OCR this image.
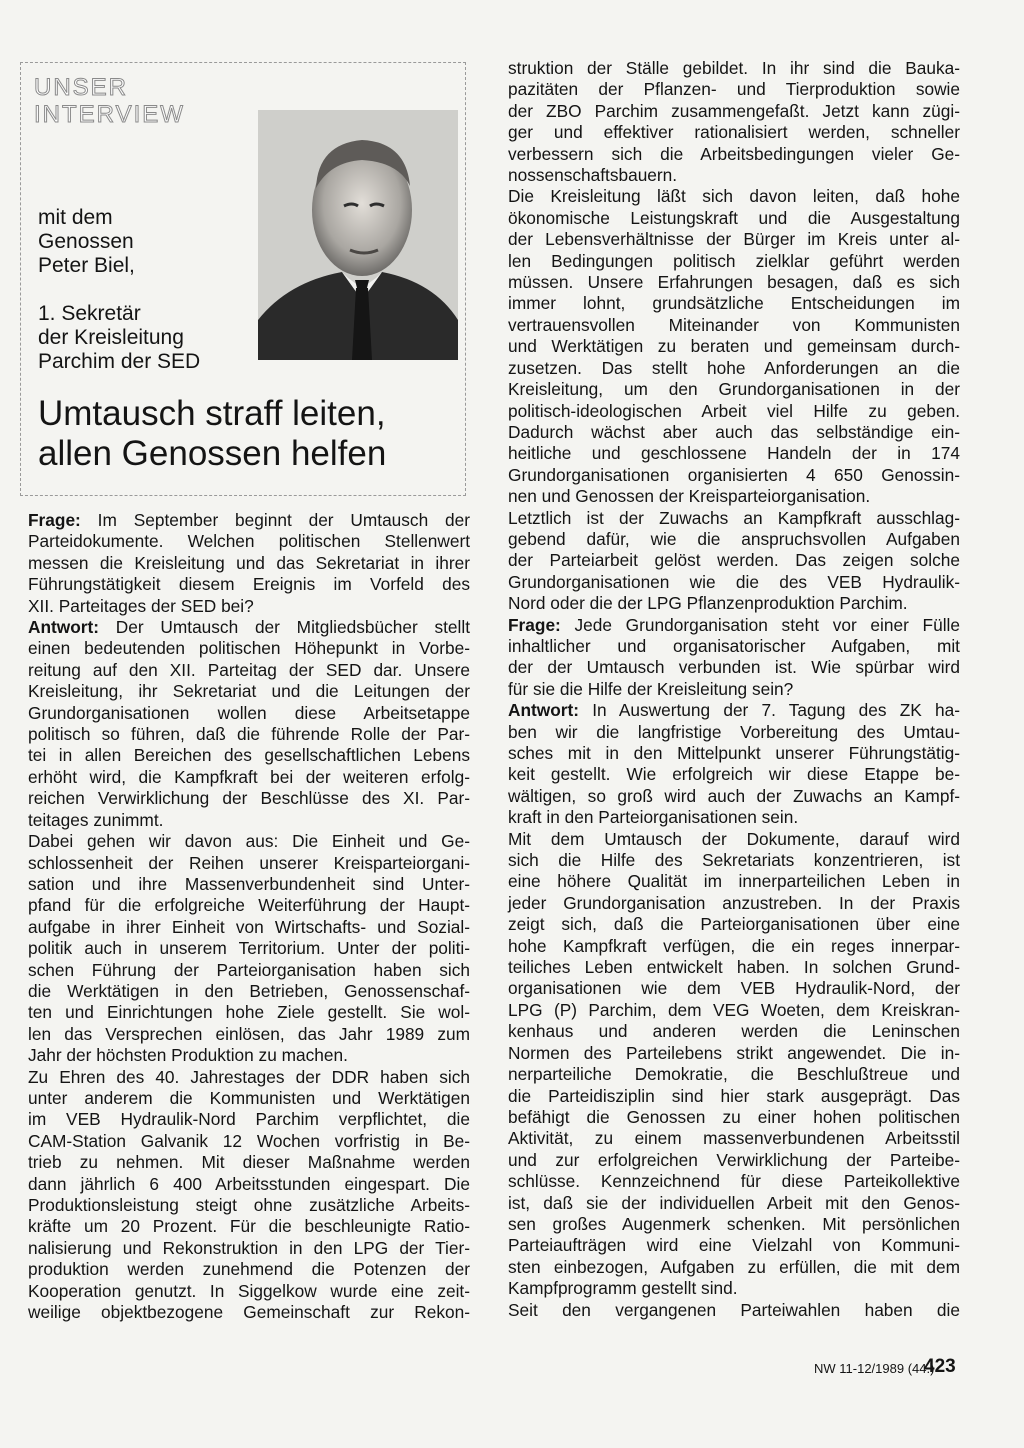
UNSER
INTERVIEW
mit dem
Genossen
Peter Biel,
1. Sekretär
der Kreisleitung
Parchim der SED
Umtausch straff leiten,
allen Genossen helfen
Frage: Im September beginnt der Umtausch der
Parteidokumente. Welchen politischen Stellenwert
messen die Kreisleitung und das Sekretariat in ihrer
Führungstätigkeit diesem Ereignis im Vorfeld des
XII. Parteitages der SED bei?
Antwort: Der Umtausch der Mitgliedsbücher stellt
einen bedeutenden politischen Höhepunkt in Vorbe-
reitung auf den XII. Parteitag der SED dar. Unsere
Kreisleitung, ihr Sekretariat und die Leitungen der
Grundorganisationen wollen diese Arbeitsetappe
politisch so führen, daß die führende Rolle der Par-
tei in allen Bereichen des gesellschaftlichen Lebens
erhöht wird, die Kampfkraft bei der weiteren erfolg-
reichen Verwirklichung der Beschlüsse des XI. Par-
teitages zunimmt.
Dabei gehen wir davon aus: Die Einheit und Ge-
schlossenheit der Reihen unserer Kreisparteiorgani-
sation und ihre Massenverbundenheit sind Unter-
pfand für die erfolgreiche Weiterführung der Haupt-
aufgabe in ihrer Einheit von Wirtschafts- und Sozial-
politik auch in unserem Territorium. Unter der politi-
schen Führung der Parteiorganisation haben sich
die Werktätigen in den Betrieben, Genossenschaf-
ten und Einrichtungen hohe Ziele gestellt. Sie wol-
len das Versprechen einlösen, das Jahr 1989 zum
Jahr der höchsten Produktion zu machen.
Zu Ehren des 40. Jahrestages der DDR haben sich
unter anderem die Kommunisten und Werktätigen
im VEB Hydraulik-Nord Parchim verpflichtet, die
CAM-Station Galvanik 12 Wochen vorfristig in Be-
trieb zu nehmen. Mit dieser Maßnahme werden
dann jährlich 6 400 Arbeitsstunden eingespart. Die
Produktionsleistung steigt ohne zusätzliche Arbeits-
kräfte um 20 Prozent. Für die beschleunigte Ratio-
nalisierung und Rekonstruktion in den LPG der Tier-
produktion werden zunehmend die Potenzen der
Kooperation genutzt. In Siggelkow wurde eine zeit-
weilige objektbezogene Gemeinschaft zur Rekon-
struktion der Ställe gebildet. In ihr sind die Bauka-
pazitäten der Pflanzen- und Tierproduktion sowie
der ZBO Parchim zusammengefaßt. Jetzt kann zügi-
ger und effektiver rationalisiert werden, schneller
verbessern sich die Arbeitsbedingungen vieler Ge-
nossenschaftsbauern.
Die Kreisleitung läßt sich davon leiten, daß hohe
ökonomische Leistungskraft und die Ausgestaltung
der Lebensverhältnisse der Bürger im Kreis unter al-
len Bedingungen politisch zielklar geführt werden
müssen. Unsere Erfahrungen besagen, daß es sich
immer lohnt, grundsätzliche Entscheidungen im
vertrauensvollen Miteinander von Kommunisten
und Werktätigen zu beraten und gemeinsam durch-
zusetzen. Das stellt hohe Anforderungen an die
Kreisleitung, um den Grundorganisationen in der
politisch-ideologischen Arbeit viel Hilfe zu geben.
Dadurch wächst aber auch das selbständige ein-
heitliche und geschlossene Handeln der in 174
Grundorganisationen organisierten 4 650 Genossin-
nen und Genossen der Kreisparteiorganisation.
Letztlich ist der Zuwachs an Kampfkraft ausschlag-
gebend dafür, wie die anspruchsvollen Aufgaben
der Parteiarbeit gelöst werden. Das zeigen solche
Grundorganisationen wie die des VEB Hydraulik-
Nord oder die der LPG Pflanzenproduktion Parchim.
Frage: Jede Grundorganisation steht vor einer Fülle
inhaltlicher und organisatorischer Aufgaben, mit
der der Umtausch verbunden ist. Wie spürbar wird
für sie die Hilfe der Kreisleitung sein?
Antwort: In Auswertung der 7. Tagung des ZK ha-
ben wir die langfristige Vorbereitung des Umtau-
sches mit in den Mittelpunkt unserer Führungstätig-
keit gestellt. Wie erfolgreich wir diese Etappe be-
wältigen, so groß wird auch der Zuwachs an Kampf-
kraft in den Parteiorganisationen sein.
Mit dem Umtausch der Dokumente, darauf wird
sich die Hilfe des Sekretariats konzentrieren, ist
eine höhere Qualität im innerparteilichen Leben in
jeder Grundorganisation anzustreben. In der Praxis
zeigt sich, daß die Parteiorganisationen über eine
hohe Kampfkraft verfügen, die ein reges innerpar-
teiliches Leben entwickelt haben. In solchen Grund-
organisationen wie dem VEB Hydraulik-Nord, der
LPG (P) Parchim, dem VEG Woeten, dem Kreiskran-
kenhaus und anderen werden die Leninschen
Normen des Parteilebens strikt angewendet. Die in-
nerparteiliche Demokratie, die Beschlußtreue und
die Parteidisziplin sind hier stark ausgeprägt. Das
befähigt die Genossen zu einer hohen politischen
Aktivität, zu einem massenverbundenen Arbeitsstil
und zur erfolgreichen Verwirklichung der Parteibe-
schlüsse. Kennzeichnend für diese Parteikollektive
ist, daß sie der individuellen Arbeit mit den Genos-
sen großes Augenmerk schenken. Mit persönlichen
Parteiaufträgen wird eine Vielzahl von Kommuni-
sten einbezogen, Aufgaben zu erfüllen, die mit dem
Kampfprogramm gestellt sind.
Seit den vergangenen Parteiwahlen haben die
NW 11-12/1989 (44.)
423
